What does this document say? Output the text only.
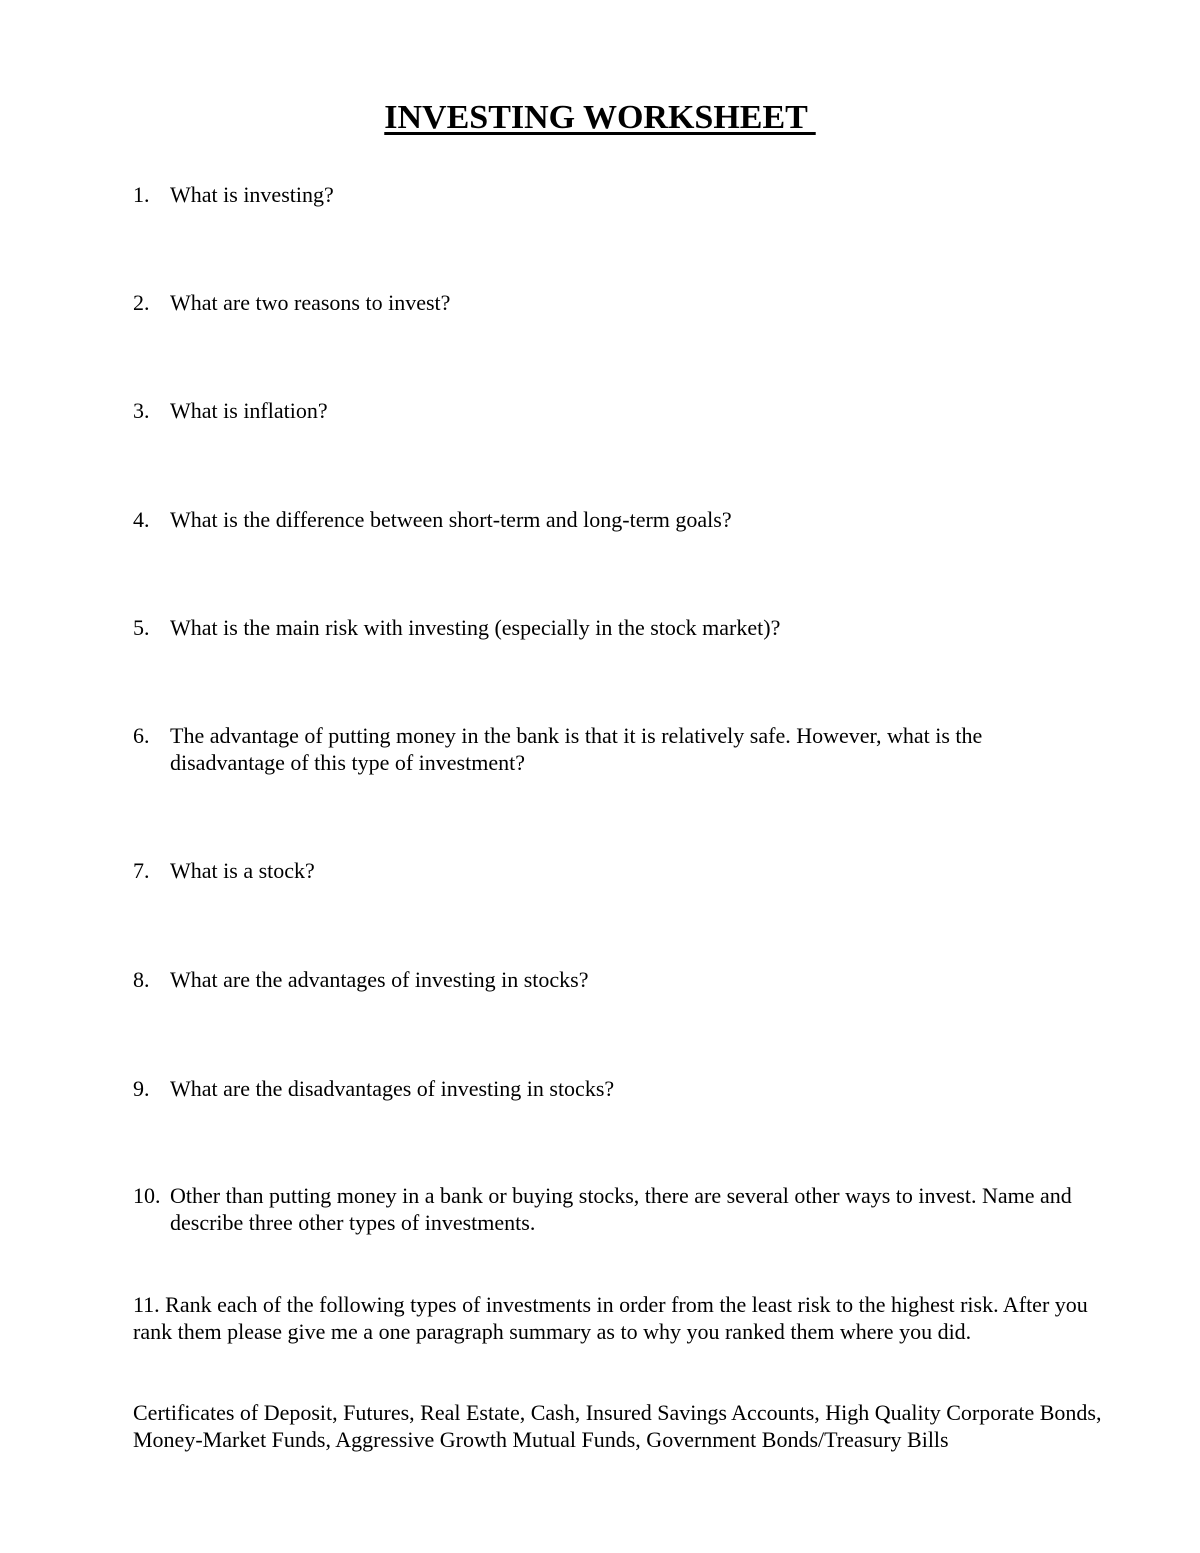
INVESTING WORKSHEET
1. What is investing?
2. What are two reasons to invest?
3. What is inflation?
4. What is the difference between short-term and long-term goals?
5. What is the main risk with investing (especially in the stock market)?
6. The advantage of putting money in the bank is that it is relatively safe. However, what is the disadvantage of this type of investment?
7. What is a stock?
8. What are the advantages of investing in stocks?
9. What are the disadvantages of investing in stocks?
10. Other than putting money in a bank or buying stocks, there are several other ways to invest. Name and describe three other types of investments.
11. Rank each of the following types of investments in order from the least risk to the highest risk. After you rank them please give me a one paragraph summary as to why you ranked them where you did.
Certificates of Deposit, Futures, Real Estate, Cash, Insured Savings Accounts, High Quality Corporate Bonds, Money-Market Funds, Aggressive Growth Mutual Funds, Government Bonds/Treasury Bills
